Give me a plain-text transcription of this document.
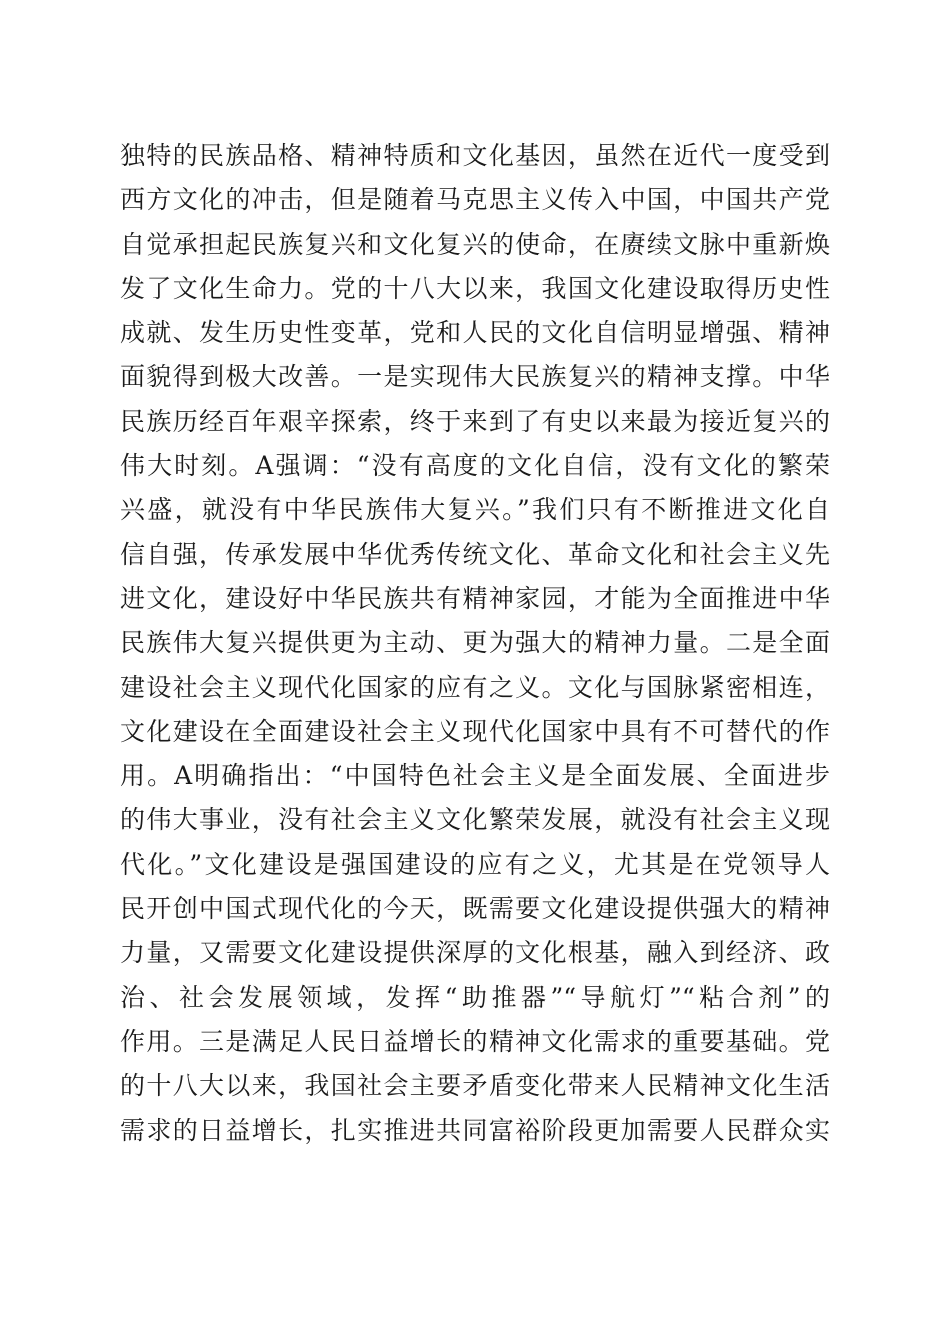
独特的民族品格、精神特质和文化基因，虽然在近代一度受到
西方文化的冲击，但是随着马克思主义传入中国，中国共产党
自觉承担起民族复兴和文化复兴的使命，在赓续文脉中重新焕
发了文化生命力。党的十八大以来，我国文化建设取得历史性
成就、发生历史性变革，党和人民的文化自信明显增强、精神
面貌得到极大改善。一是实现伟大民族复兴的精神支撑。中华
民族历经百年艰辛探索，终于来到了有史以来最为接近复兴的
伟大时刻。A强调：“没有高度的文化自信，没有文化的繁荣
兴盛，就没有中华民族伟大复兴。”我们只有不断推进文化自
信自强，传承发展中华优秀传统文化、革命文化和社会主义先
进文化，建设好中华民族共有精神家园，才能为全面推进中华
民族伟大复兴提供更为主动、更为强大的精神力量。二是全面
建设社会主义现代化国家的应有之义。文化与国脉紧密相连，
文化建设在全面建设社会主义现代化国家中具有不可替代的作
用。A明确指出：“中国特色社会主义是全面发展、全面进步
的伟大事业，没有社会主义文化繁荣发展，就没有社会主义现
代化。”文化建设是强国建设的应有之义，尤其是在党领导人
民开创中国式现代化的今天，既需要文化建设提供强大的精神
力量，又需要文化建设提供深厚的文化根基，融入到经济、政
治、社会发展领域，发挥“助推器”“导航灯”“粘合剂”的
作用。三是满足人民日益增长的精神文化需求的重要基础。党
的十八大以来，我国社会主要矛盾变化带来人民精神文化生活
需求的日益增长，扎实推进共同富裕阶段更加需要人民群众实
